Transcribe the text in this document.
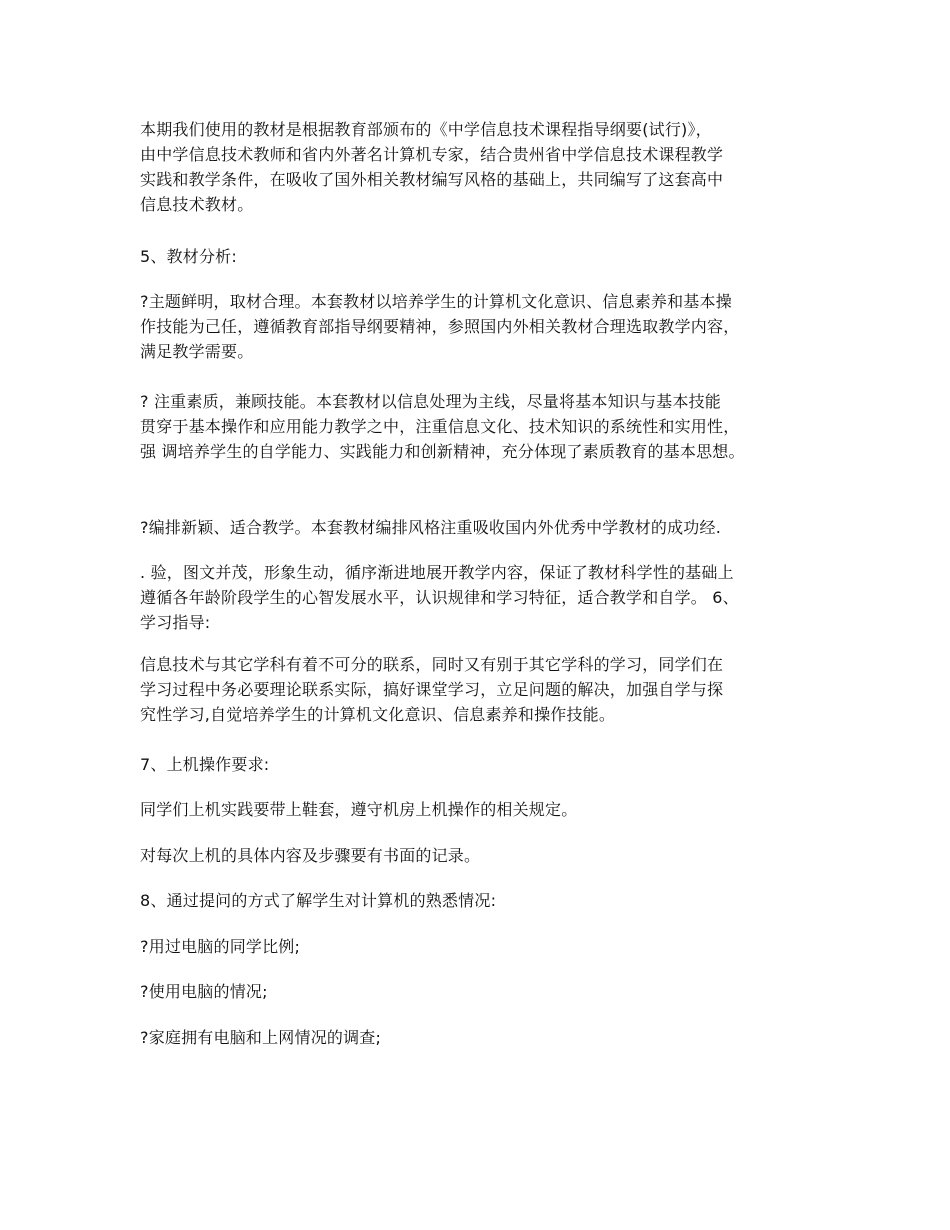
本期我们使用的教材是根据教育部颁布的《中学信息技术课程指导纲要(试行)》，
由中学信息技术教师和省内外著名计算机专家，结合贵州省中学信息技术课程教学
实践和教学条件，在吸收了国外相关教材编写风格的基础上，共同编写了这套高中
信息技术教材。

5、教材分析:

?主题鲜明，取材合理。本套教材以培养学生的计算机文化意识、信息素养和基本操
作技能为己任，遵循教育部指导纲要精神，参照国内外相关教材合理选取教学内容，
满足教学需要。

? 注重素质，兼顾技能。本套教材以信息处理为主线，尽量将基本知识与基本技能
贯穿于基本操作和应用能力教学之中，注重信息文化、技术知识的系统性和实用性，
强 调培养学生的自学能力、实践能力和创新精神，充分体现了素质教育的基本思想。

?编排新颖、适合教学。本套教材编排风格注重吸收国内外优秀中学教材的成功经.

. 验，图文并茂，形象生动，循序渐进地展开教学内容，保证了教材科学性的基础上
遵循各年龄阶段学生的心智发展水平，认识规律和学习特征，适合教学和自学。 6、
学习指导:

信息技术与其它学科有着不可分的联系，同时又有别于其它学科的学习，同学们在
学习过程中务必要理论联系实际，搞好课堂学习，立足问题的解决，加强自学与探
究性学习,自觉培养学生的计算机文化意识、信息素养和操作技能。

7、上机操作要求:

同学们上机实践要带上鞋套，遵守机房上机操作的相关规定。

对每次上机的具体内容及步骤要有书面的记录。

8、通过提问的方式了解学生对计算机的熟悉情况:

?用过电脑的同学比例;

?使用电脑的情况;

?家庭拥有电脑和上网情况的调查;
